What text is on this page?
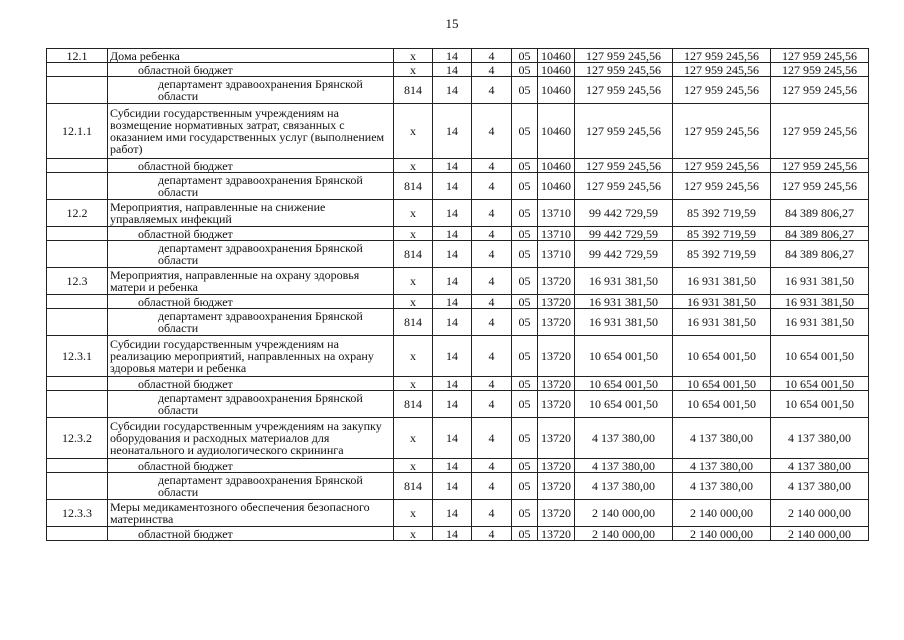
15
12.1	Дома ребенка	х	14	4	05	10460	127 959 245,56	127 959 245,56	127 959 245,56
	областной бюджет	х	14	4	05	10460	127 959 245,56	127 959 245,56	127 959 245,56
	департамент здравоохранения Брянской области	814	14	4	05	10460	127 959 245,56	127 959 245,56	127 959 245,56
12.1.1	Субсидии государственным учреждениям на возмещение нормативных затрат, связанных с оказанием ими государственных услуг (выполнением работ)	х	14	4	05	10460	127 959 245,56	127 959 245,56	127 959 245,56
	областной бюджет	х	14	4	05	10460	127 959 245,56	127 959 245,56	127 959 245,56
	департамент здравоохранения Брянской области	814	14	4	05	10460	127 959 245,56	127 959 245,56	127 959 245,56
12.2	Мероприятия, направленные на снижение управляемых инфекций	х	14	4	05	13710	99 442 729,59	85 392 719,59	84 389 806,27
	областной бюджет	х	14	4	05	13710	99 442 729,59	85 392 719,59	84 389 806,27
	департамент здравоохранения Брянской области	814	14	4	05	13710	99 442 729,59	85 392 719,59	84 389 806,27
12.3	Мероприятия, направленные на охрану здоровья матери и ребенка	х	14	4	05	13720	16 931 381,50	16 931 381,50	16 931 381,50
	областной бюджет	х	14	4	05	13720	16 931 381,50	16 931 381,50	16 931 381,50
	департамент здравоохранения Брянской области	814	14	4	05	13720	16 931 381,50	16 931 381,50	16 931 381,50
12.3.1	Субсидии государственным учреждениям на реализацию мероприятий, направленных на охрану здоровья матери и ребенка	х	14	4	05	13720	10 654 001,50	10 654 001,50	10 654 001,50
	областной бюджет	х	14	4	05	13720	10 654 001,50	10 654 001,50	10 654 001,50
	департамент здравоохранения Брянской области	814	14	4	05	13720	10 654 001,50	10 654 001,50	10 654 001,50
12.3.2	Субсидии государственным учреждениям на закупку оборудования и расходных материалов для неонатального и аудиологического скрининга	х	14	4	05	13720	4 137 380,00	4 137 380,00	4 137 380,00
	областной бюджет	х	14	4	05	13720	4 137 380,00	4 137 380,00	4 137 380,00
	департамент здравоохранения Брянской области	814	14	4	05	13720	4 137 380,00	4 137 380,00	4 137 380,00
12.3.3	Меры медикаментозного обеспечения безопасного материнства	х	14	4	05	13720	2 140 000,00	2 140 000,00	2 140 000,00
	областной бюджет	х	14	4	05	13720	2 140 000,00	2 140 000,00	2 140 000,00
